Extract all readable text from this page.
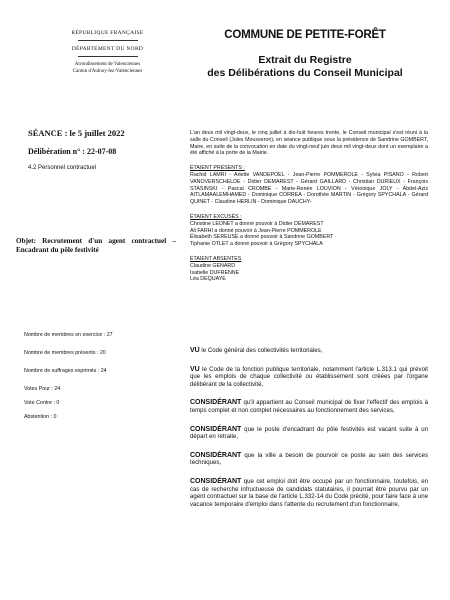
RÉPUBLIQUE FRANÇAISE
DÉPARTEMENT DU NORD
Arrondissement de Valenciennes
Canton d'Aulnoy-lez-Valenciennes
COMMUNE DE PETITE-FORÊT
Extrait du Registre
des Délibérations du Conseil Municipal
SÉANCE : le 5 juillet 2022
Délibération n° : 22-07-08
4.2 Personnel contractuel
Objet: Recrutement d'un agent contractuel – Encadrant du pôle festivité
Nombre de membres en exercice : 27
Nombre de membres présents : 20
Nombre de suffrages exprimés : 24
Votes Pour : 24
Vote Contre : 0
Abstention : 0

L'an deux mil vingt-deux, le cinq juillet à dix-huit heures trente, le Conseil municipal s'est réuni à la salle du Conseil (Jules Mousseron), en séance publique sous la présidence de Sandrine GOMBERT, Maire, en suite de la convocation en date du vingt-neuf juin deux mil vingt-deux dont un exemplaire a été affiché à la porte de la Mairie.

ÉTAIENT PRÉSENTS :

Rachid LAMRI - Arlette VANDEPOEL - Jean-Pierre POMMEROLE - Sylvia PISANO - Robert VANOVERSCHELDE - Didier DEMAREST - Gérard GAILLARD - Christian DURIEUX - François STASINSKI - Pascal CROMBE - Marie-Renée LOUVION - Véronique JOLY - Abdel-Aziz AITLAMAALEMHAMED - Dominique CORREA - Dorothée MARTIN - Grégory SPYCHALA - Gérard QUINET - Claudine HERLIN - Dominique DAUCHY-

ÉTAIENT EXCUSÉS :
Christine LEONET a donné pouvoir à Didier DEMAREST
Ali FARHI a donné pouvoir à Jean-Pierre POMMEROLE
Élisabeth SEREUSE a donné pouvoir à Sandrine GOMBERT
Tiphanie OTLET a donné pouvoir à Grégory SPYCHALA
ÉTAIENT ABSENTES
Claudine GENARD
Isabelle DUFRENNE
Léa DEQUAYE

VU le Code général des collectivités territoriales,

VU le Code de la fonction publique territoriale, notamment l'article L.313.1 qui prévoit que les emplois de chaque collectivité ou établissement sont créées par l'organe délibérant de la collectivité,

CONSIDÉRANT qu'il appartient au Conseil municipal de fixer l'effectif des emplois à temps complet et non complet nécessaires au fonctionnement des services,

CONSIDÉRANT que le poste d'encadrant du pôle festivités est vacant suite à un départ en retraite,

CONSIDÉRANT que la ville a besoin de pourvoir ce poste au sein des services techniques,

CONSIDÉRANT que cet emploi doit être occupé par un fonctionnaire, toutefois, en cas de recherche infructueuse de candidats statutaires, il pourrait être pourvu par un agent contractuel sur la base de l'article L.332-14 du Code précité, pour faire face à une vacance temporaire d'emploi dans l'attente du recrutement d'un fonctionnaire,
